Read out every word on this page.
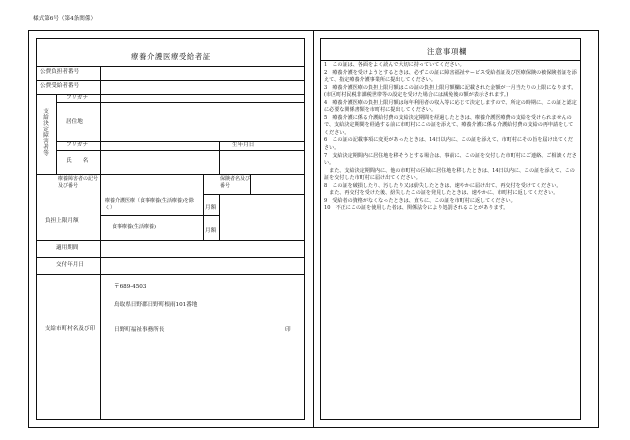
様式第6号（第4条関係）
療養介護医療受給者証
公費負担者番号
公費受給者番号
支給決定障害者等
フリガナ
居住地
フリガナ
氏　　名
生年月日
療養障害者の記号及び番号
保険者名及び番号
負担上限月額
療養介護医療（食事療養(生活療養)を除く）
食事療養(生活療養)
月額
月額
適用期間
交付年月日
支給市町村名及び印
〒689-4503
鳥取県日野郡日野町根雨101番地
日野町福祉事務所長	印
注意事項欄

1　この証は、各面をよく読んで大切に持っていてください。

2　療養介護を受けようとするときは、必ずこの証に障害福祉サービス受給者証及び医療保険の被保険者証を添えて、指定療養介護事業所に提出してください。

3　療養介護医療の負担上限月額はこの証の負担上限月額欄に記載された金額が一月当たりの上限になります。(市区町村民税非課税世帯等の設定を受けた場合には減免後の額が表示されます。)

4　療養介護医療の負担上限月額は毎年利用者の収入等に応じて決定しますので、所定の時期に、この証と認定に必要な関係書類を市町村に提出してください。

5　療養介護に係る介護給付費の支給決定期間を経過したときは、療養介護医療費の支給を受けられませんので、支給決定期間を経過する前に市町村にこの証を添えて、療養介護に係る介護給付費の支給の再申請をしてください。

6　この証の記載事項に変更があったときは、14日以内に、この証を添えて、市町村にその旨を届け出てください。

7　支給決定期間内に居住地を移そうとする場合は、事前に、この証を交付した市町村にご連絡、ご相談ください。

　また、支給決定期間内に、他の市町村の区域に居住地を移したときは、14日以内に、この証を添えて、この証を交付した市町村に届け出てください。

8　この証を破損したり、汚したり又は紛失したときは、速やかに届け出て、再交付を受けてください。

　また、再交付を受けた後、紛失したこの証を発見したときは、速やかに、市町村に返してください。

9　受給者の資格がなくなったときは、直ちに、この証を市町村に返してください。

10　不正にこの証を使用した者は、関係法令により処罰されることがあります。
